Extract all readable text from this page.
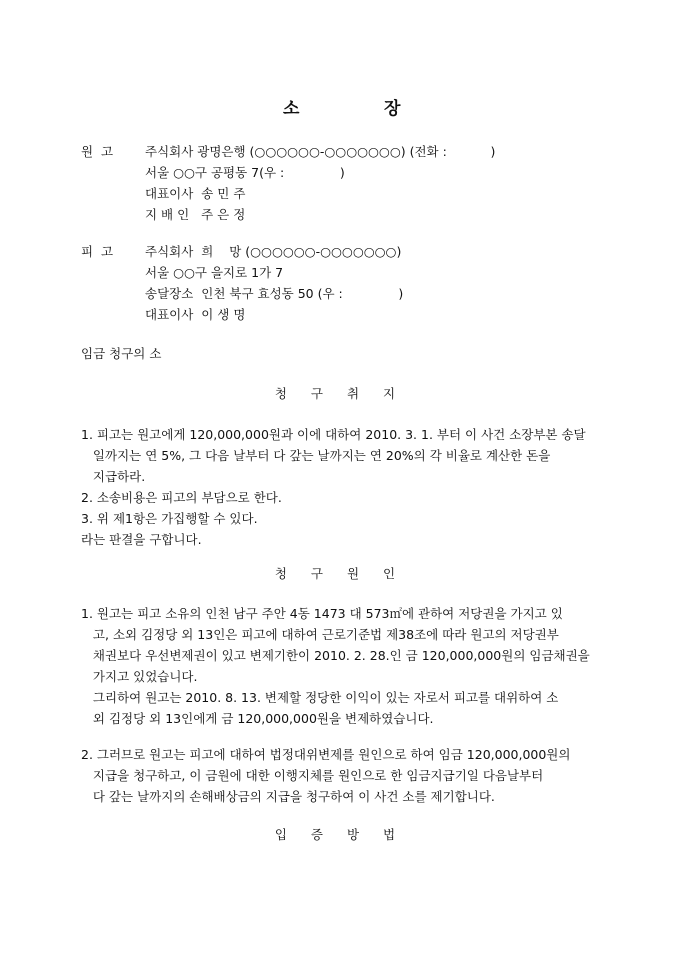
소	장
원  고	주식회사 광명은행 (○○○○○○-○○○○○○○) (전화 :           )
서울 ○○구 공평동 7(우 :              )
대표이사  송 민 주
지 배 인   주 은 정
피  고	주식회사  희    망 (○○○○○○-○○○○○○○)
서울 ○○구 을지로 1가 7
송달장소  인천 북구 효성동 50 (우 :              )
대표이사  이 생 명
임금 청구의 소
청 구 취 지
1. 피고는 원고에게 120,000,000원과 이에 대하여 2010. 3. 1. 부터 이 사건 소장부본 송달
일까지는 연 5%, 그 다음 날부터 다 갚는 날까지는 연 20%의 각 비율로 계산한 돈을
지급하라.
2. 소송비용은 피고의 부담으로 한다.
3. 위 제1항은 가집행할 수 있다.
라는 판결을 구합니다.
청 구 원 인
1. 원고는 피고 소유의 인천 남구 주안 4동 1473 대 573㎡에 관하여 저당권을 가지고 있
고, 소외 김정당 외 13인은 피고에 대하여 근로기준법 제38조에 따라 원고의 저당권부
채권보다 우선변제권이 있고 변제기한이 2010. 2. 28.인 금 120,000,000원의 임금채권을
가지고 있었습니다.
그리하여 원고는 2010. 8. 13. 변제할 정당한 이익이 있는 자로서 피고를 대위하여 소
외 김정당 외 13인에게 금 120,000,000원을 변제하였습니다.
2. 그러므로 원고는 피고에 대하여 법정대위변제를 원인으로 하여 임금 120,000,000원의
지급을 청구하고, 이 금원에 대한 이행지체를 원인으로 한 임금지급기일 다음날부터
다 갚는 날까지의 손해배상금의 지급을 청구하여 이 사건 소를 제기합니다.
입 증 방 법
